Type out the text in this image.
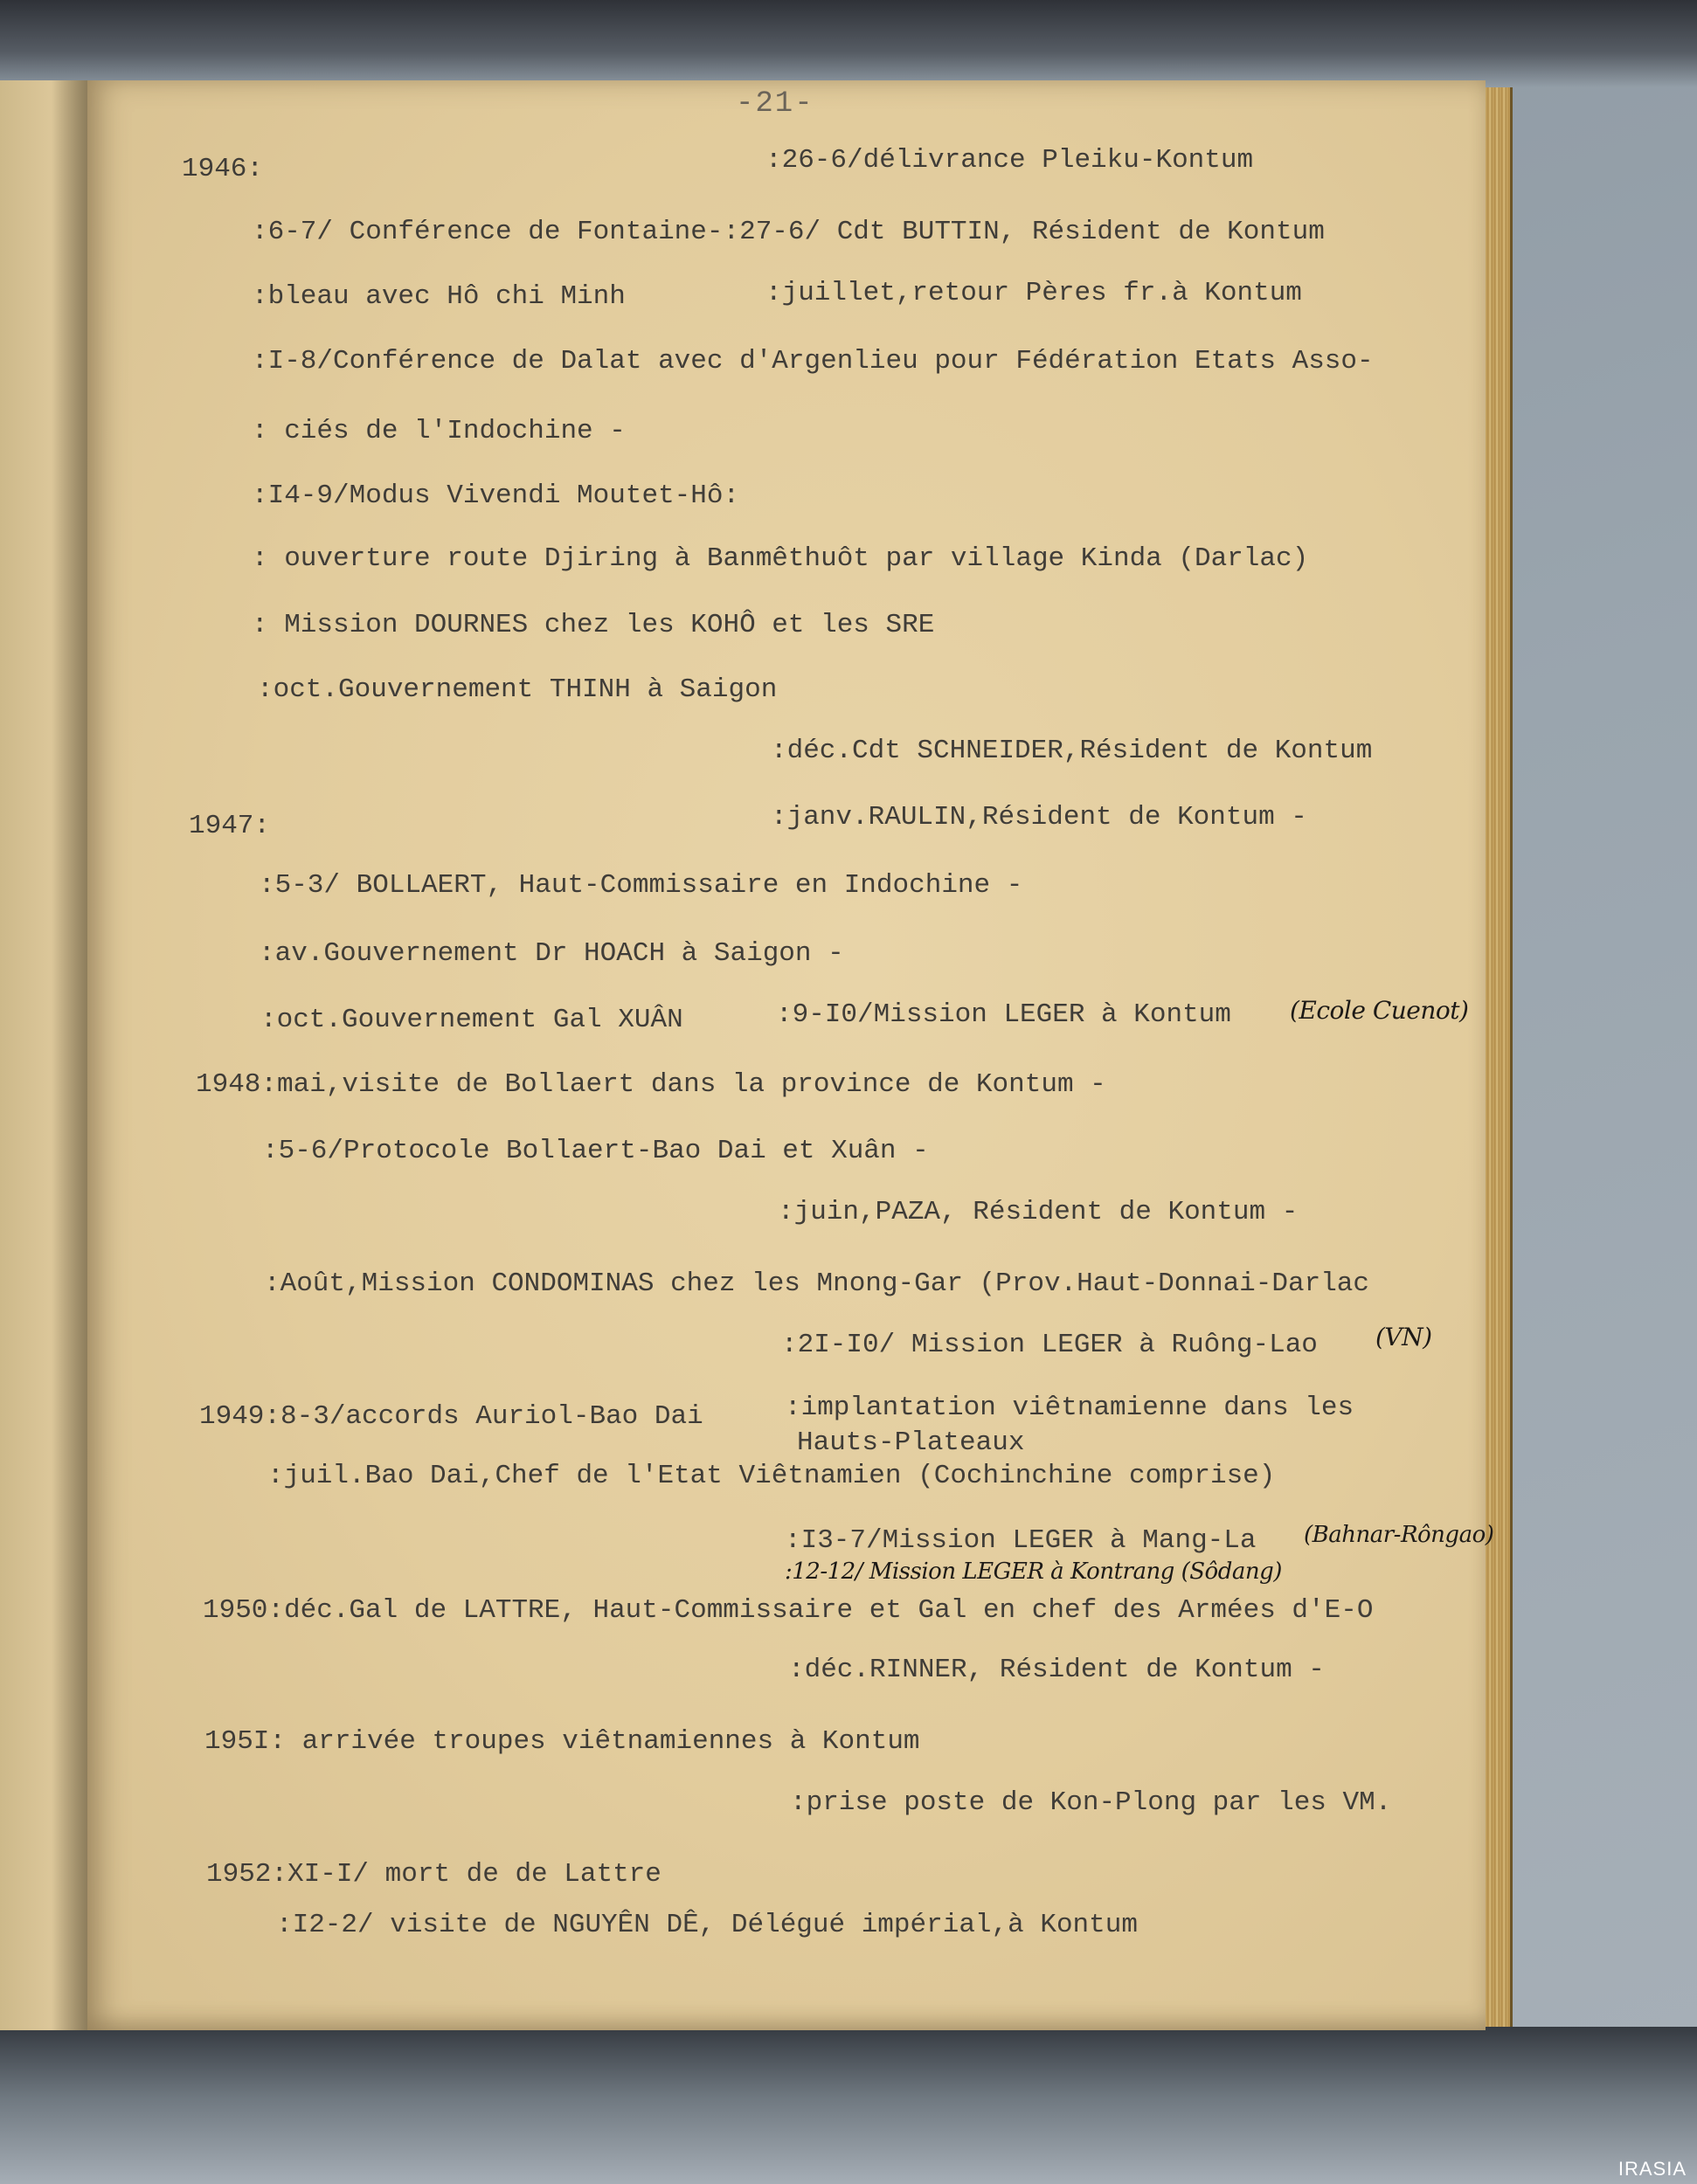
-21-
1946:	:26-6/délivrance Pleiku-Kontum
:6-7/ Conférence de Fontaine-:27-6/ Cdt BUTTIN, Résident de Kontum
:bleau avec Hô chi Minh	:juillet,retour Pères fr.à Kontum
:I-8/Conférence de Dalat avec d'Argenlieu pour Fédération Etats Asso-
: ciés de l'Indochine -
:I4-9/Modus Vivendi Moutet-Hô:
: ouverture route Djiring à Banmêthuôt par village Kinda (Darlac)
: Mission DOURNES chez les KOHÔ et les SRE
:oct.Gouvernement THINH à Saigon
:déc.Cdt SCHNEIDER,Résident de Kontum
1947:	:janv.RAULIN,Résident de Kontum -
:5-3/ BOLLAERT, Haut-Commissaire en Indochine -
:av.Gouvernement Dr HOACH à Saigon -
:oct.Gouvernement Gal XUÂN	:9-I0/Mission LEGER à Kontum (Ecole Cuenot)
1948:mai,visite de Bollaert dans la province de Kontum -
:5-6/Protocole Bollaert-Bao Dai et Xuân -
:juin,PAZA, Résident de Kontum -
:Août,Mission CONDOMINAS chez les Mnong-Gar (Prov.Haut-Donnai-Darlac
:2I-I0/ Mission LEGER à Ruông-Lao (VN)
1949:8-3/accords Auriol-Bao Dai	:implantation viêtnamienne dans les
Hauts-Plateaux
:juil.Bao Dai,Chef de l'Etat Viêtnamien (Cochinchine comprise)
:I3-7/Mission LEGER à Mang-La (Bahnar-Rôngao)
:12-12/ Mission LEGER à Kontrang (Sôdang)
1950:déc.Gal de LATTRE, Haut-Commissaire et Gal en chef des Armées d'E-O
:déc.RINNER, Résident de Kontum -
195I: arrivée troupes viêtnamiennes à Kontum
:prise poste de Kon-Plong par les VM.
1952:XI-I/ mort de de Lattre
:I2-2/ visite de NGUYÊN DÊ, Délégué impérial,à Kontum
IRASIA
